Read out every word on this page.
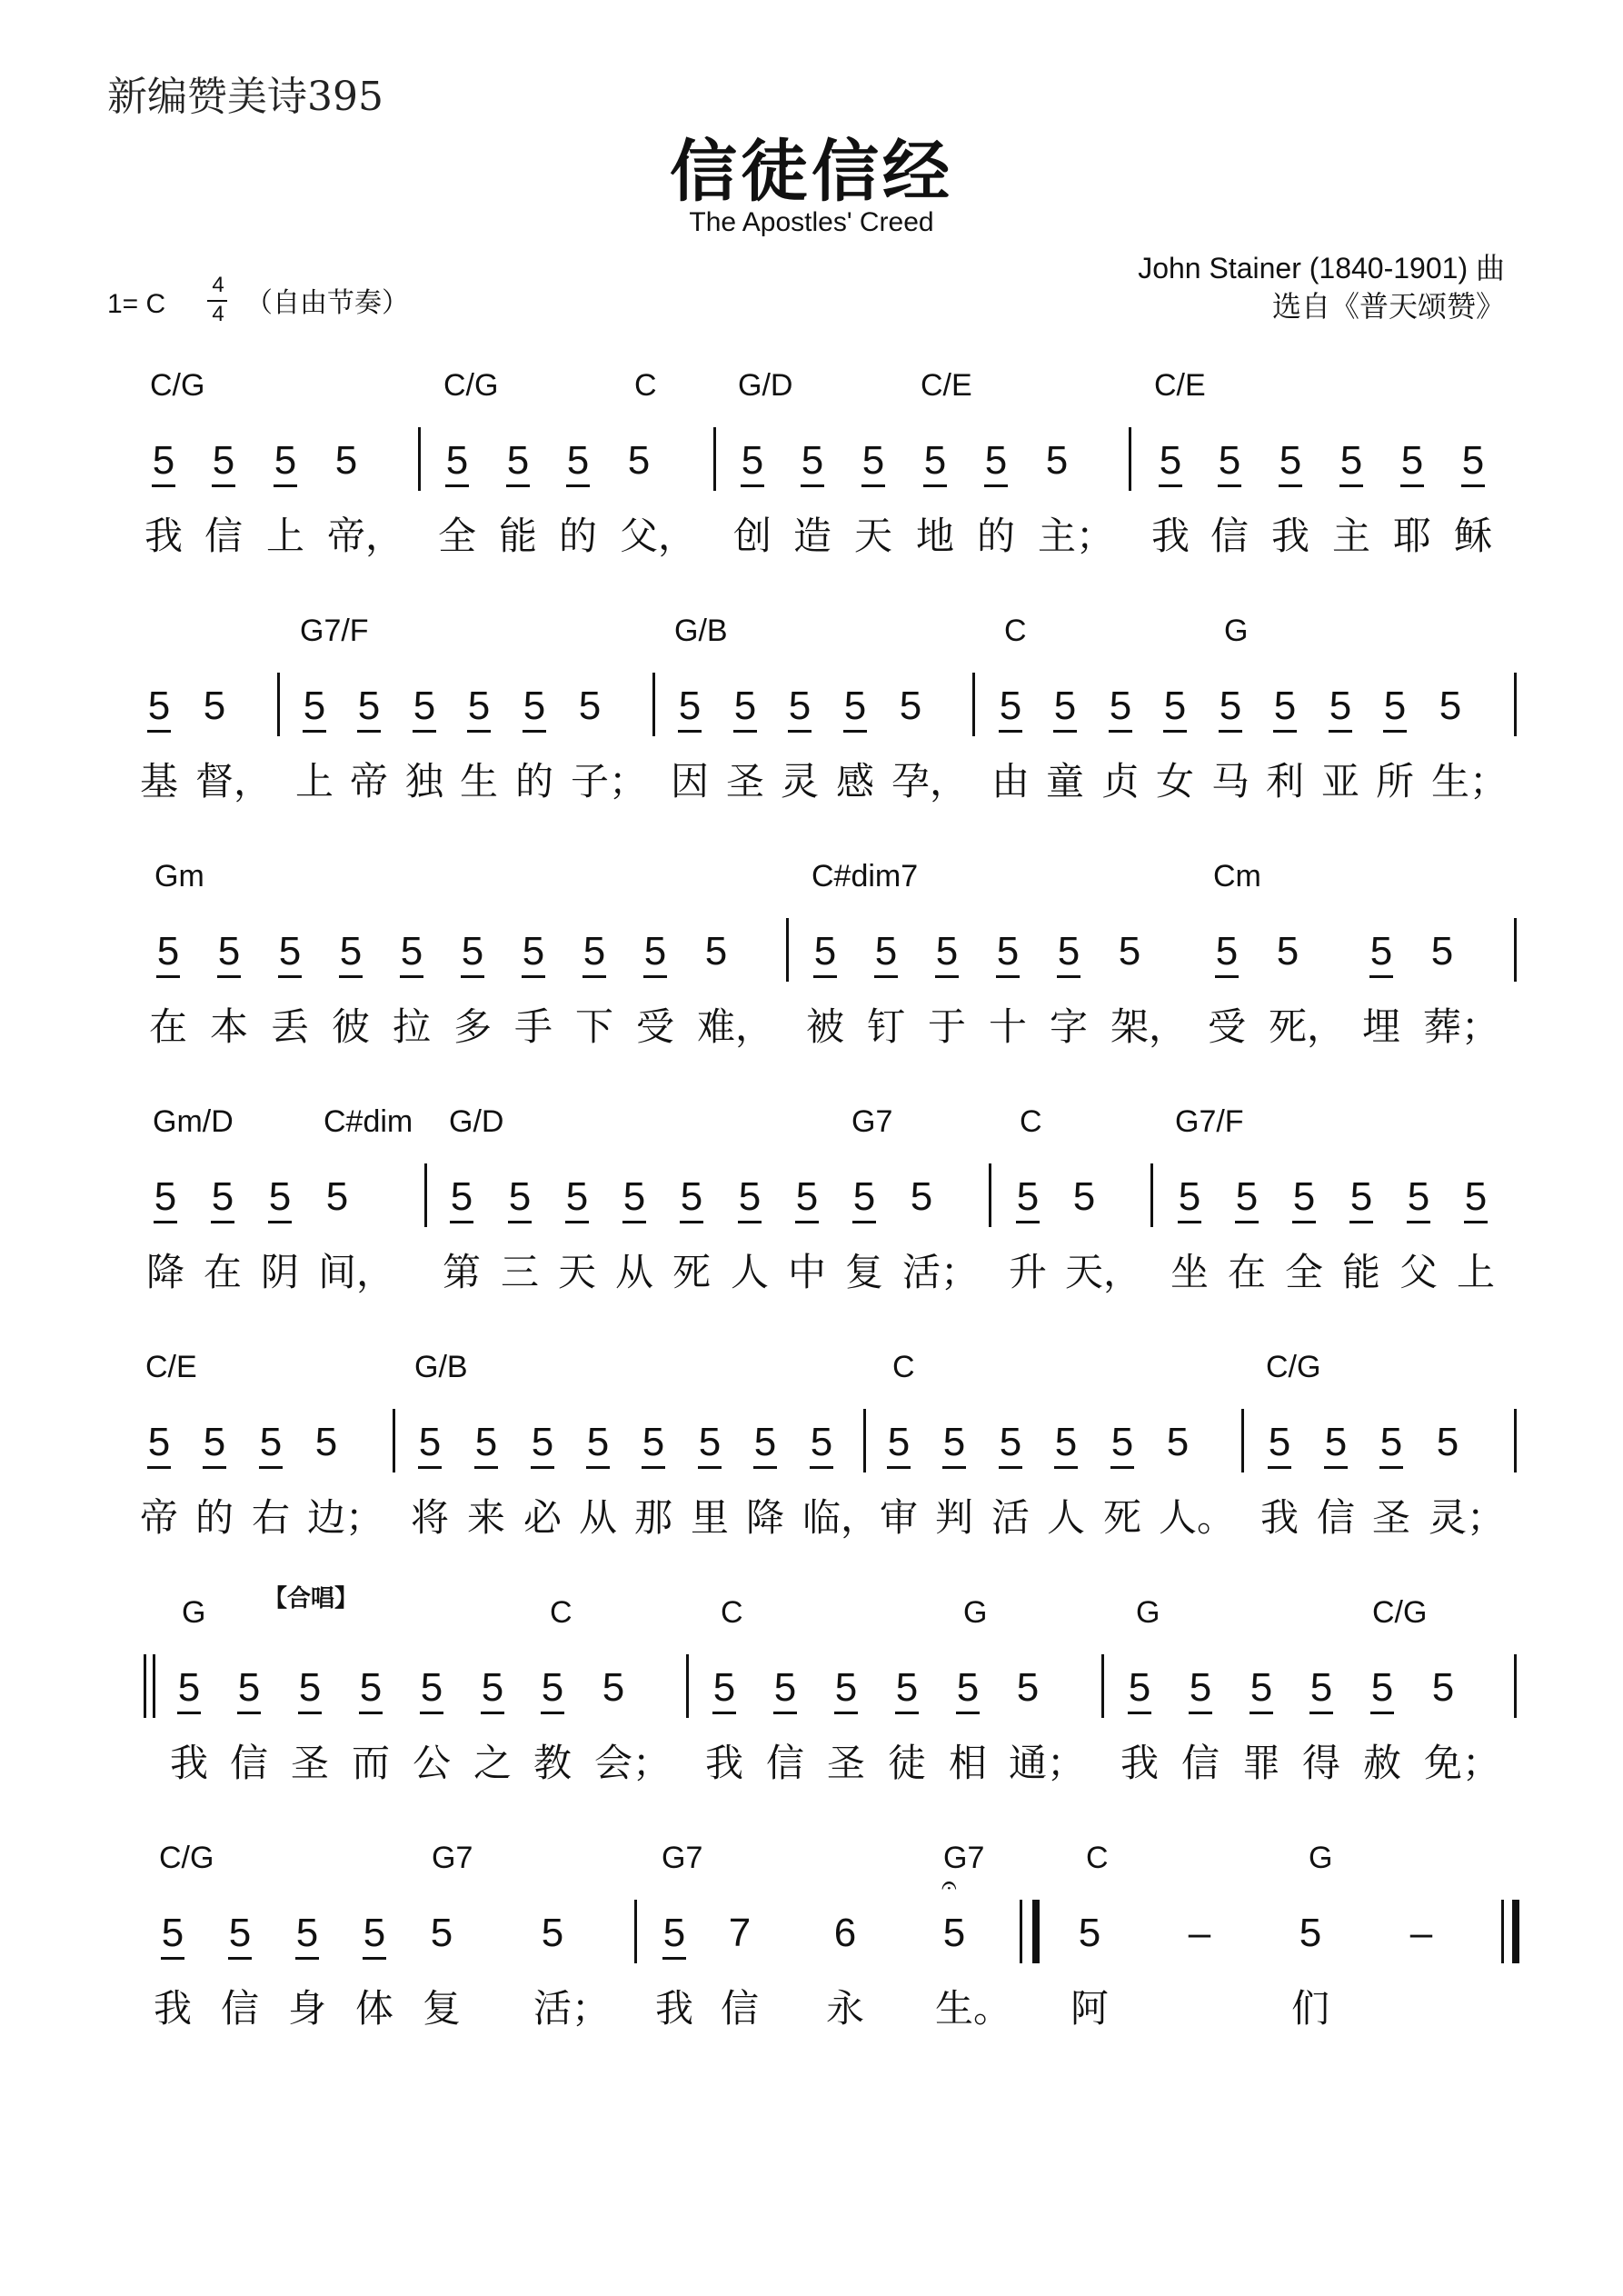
新编赞美诗395
信徒信经
The Apostles' Creed
John Stainer (1840-1901) 曲
选自《普天颂赞》
1= C
4
4 （自由节奏）
C/G	C/G	C	G/D	C/E	C/E
5 5 5 5 5 5 5 5 5 5 5 5 5 5 5 5 5 5 5 5
我 信 上 帝， 全 能 的 父， 创 造 天 地 的 主； 我 信 我 主 耶 稣
G7/F	G/B	C	G
5 5 5 5 5 5 5 5 5 5 5 5 5 5 5 5 5 5 5 5 5 5
基 督， 上 帝 独 生 的 子； 因 圣 灵 感 孕， 由 童 贞 女 马 利 亚 所 生；
Gm	C#dim7	Cm
5 5 5 5 5 5 5 5 5 5 5 5 5 5 5 5 5 5 5 5
在 本 丢 彼 拉 多 手 下 受 难， 被 钉 于 十 字 架， 受 死， 埋 葬；
Gm/D	C#dim G/D	G7	C	G7/F
5 5 5 5	5 5 5 5 5 5 5 5 5 5 5 5 5 5 5 5 5
降 在 阴 间， 第 三 天 从 死 人 中 复 活； 升 天， 坐 在 全 能 父 上
C/E	G/B	C	C/G
5 5 5 5 5 5 5 5 5 5 5 5 5 5 5 5 5 5 5 5 5 5
帝 的 右 边； 将 来 必 从 那 里 降 临， 审 判 活 人 死 人。 我 信 圣 灵；
G	C	C	G	G	C/G
5 5 5 5 5 5 5 5 5 5 5 5 5 5 5 5 5 5 5 5
我 信 圣 而 公 之 教 会； 我 信 圣 徒 相 通； 我 信 罪 得 赦 免；
C/G	G7	G7	G7	C	G
5 5 5 5 5 5 5 7 6 5	5 – 5 –
我 信 身 体 复	活； 我 信	永	生。 阿	们
【合唱】
𝄐
